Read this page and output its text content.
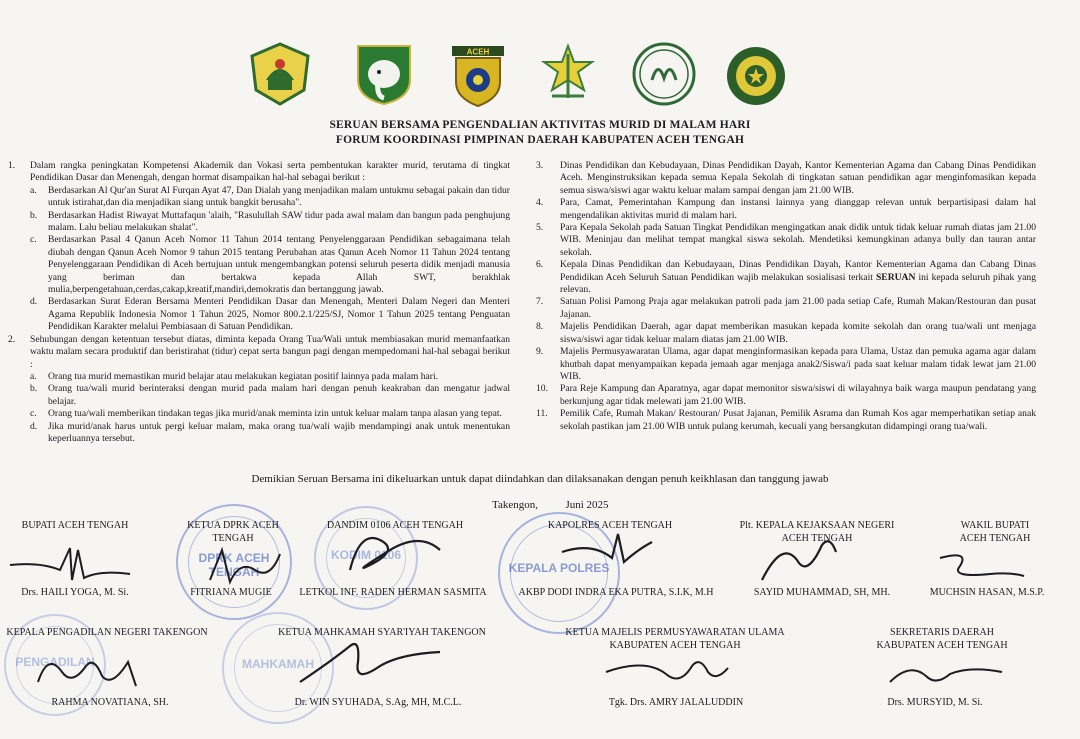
ACEH
SERUAN BERSAMA PENGENDALIAN AKTIVITAS MURID DI MALAM HARI
FORUM KOORDINASI PIMPINAN DAERAH KABUPATEN ACEH TENGAH
1. Dalam rangka peningkatan Kompetensi Akademik dan Vokasi serta pembentukan karakter murid, terutama di tingkat Pendidikan Dasar dan Menengah, dengan hormat disampaikan hal-hal sebagai berikut :
a. Berdasarkan Al Qur'an Surat Al Furqan Ayat 47, Dan Dialah yang menjadikan malam untukmu sebagai pakain dan tidur untuk istirahat,dan dia menjadikan siang untuk bangkit berusaha".
b. Berdasarkan Hadist Riwayat Muttafaqun 'alaih, "Rasulullah SAW tidur pada awal malam dan bangun pada penghujung malam. Lalu beliau melakukan shalat".
c. Berdasarkan Pasal 4 Qanun Aceh Nomor 11 Tahun 2014 tentang Penyelenggaraan Pendidikan sebagaimana telah diubah dengan Qanun Aceh Nomor 9 tahun 2015 tentang Perubahan atas Qanun Aceh Nomor 11 Tahun 2024 tentang Penyelenggaraan Pendidikan di Aceh bertujuan untuk mengembangkan potensi seluruh peserta didik menjadi manusia yang beriman dan bertakwa kepada Allah SWT, berakhlak mulia,berpengetahuan,cerdas,cakap,kreatif,mandiri,demokratis dan bertanggung jawab.
d. Berdasarkan Surat Ederan Bersama Menteri Pendidikan Dasar dan Menengah, Menteri Dalam Negeri dan Menteri Agama Republik Indonesia Nomor 1 Tahun 2025, Nomor 800.2.1/225/SJ, Nomor 1 Tahun 2025 tentang Penguatan Pendidikan Karakter melalui Pembiasaan di Satuan Pendidikan.
2. Sehubungan dengan ketentuan tersebut diatas, diminta kepada Orang Tua/Wali untuk membiasakan murid memanfaatkan waktu malam secara produktif dan beristirahat (tidur) cepat serta bangun pagi dengan mempedomani hal-hal sebagai berikut :
a. Orang tua murid memastikan murid belajar atau melakukan kegiatan positif lainnya pada malam hari.
b. Orang tua/wali murid berinteraksi dengan murid pada malam hari dengan penuh keakraban dan mengatur jadwal belajar.
c. Orang tua/wali memberikan tindakan tegas jika murid/anak meminta izin untuk keluar malam tanpa alasan yang tepat.
d. Jika murid/anak harus untuk pergi keluar malam, maka orang tua/wali wajib mendampingi anak untuk menentukan keperluannya tersebut.
3. Dinas Pendidikan dan Kebudayaan, Dinas Pendidikan Dayah, Kantor Kementerian Agama dan Cabang Dinas Pendidikan Aceh. Menginstruksikan kepada semua Kepala Sekolah di tingkatan satuan pendidikan agar menginfomasikan kepada semua siswa/siswi agar waktu keluar malam sampai dengan jam 21.00 WIB.
4. Para, Camat, Pemerintahan Kampung dan instansi lainnya yang dianggap relevan untuk berpartisipasi dalam hal mengendalikan aktivitas murid di malam hari.
5. Para Kepala Sekolah pada Satuan Tingkat Pendidikan mengingatkan anak didik untuk tidak keluar rumah diatas jam 21.00 WIB. Meninjau dan melihat tempat mangkal siswa sekolah. Mendetiksi kemungkinan adanya bully dan tauran antar sekolah.
6. Kepala Dinas Pendidikan dan Kebudayaan, Dinas Pendidikan Dayah, Kantor Kementerian Agama dan Cabang Dinas Pendidikan Aceh Seluruh Satuan Pendidikan wajib melakukan sosialisasi terkait SERUAN ini kepada seluruh pihak yang relevan.
7. Satuan Polisi Pamong Praja agar melakukan patroli pada jam 21.00 pada setiap Cafe, Rumah Makan/Restouran dan pusat Jajanan.
8. Majelis Pendidikan Daerah, agar dapat memberikan masukan kepada komite sekolah dan orang tua/wali unt menjaga siswa/siswi agar tidak keluar malam diatas jam 21.00 WIB.
9. Majelis Permusyawaratan Ulama, agar dapat menginformasikan kepada para Ulama, Ustaz dan pemuka agama agar dalam khutbah dapat menyampaikan kepada jemaah agar menjaga anak2/Siswa/i pada saat keluar malam tidak lewat jam 21.00 WIB.
10. Para Reje Kampung dan Aparatnya, agar dapat memonitor siswa/siswi di wilayahnya baik warga maupun pendatang yang berkunjung agar tidak melewati jam 21.00 WIB.
11. Pemilik Cafe, Rumah Makan/ Restouran/ Pusat Jajanan, Pemilik Asrama dan Rumah Kos agar memperhatikan setiap anak sekolah pastikan jam 21.00 WIB untuk pulang kerumah, kecuali yang bersangkutan didampingi orang tua/wali.
Demikian Seruan Bersama ini dikeluarkan untuk dapat diindahkan dan dilaksanakan dengan penuh keikhlasan dan tanggung jawab
Takengon,	Juni 2025
DPRK ACEH TENGAH
KODIM 0106
KEPALA POLRES
PENGADILAN	MAHKAMAH
BUPATI ACEH TENGAH
Drs. HAILI YOGA, M. Si.
KETUA DPRK ACEH TENGAH
FITRIANA MUGIE
DANDIM 0106 ACEH TENGAH
LETKOL INF. RADEN HERMAN SASMITA
KAPOLRES ACEH TENGAH
AKBP DODI INDRA EKA PUTRA, S.I.K, M.H
Plt. KEPALA KEJAKSAAN NEGERI
ACEH TENGAH
SAYID MUHAMMAD, SH, MH.
WAKIL BUPATI
ACEH TENGAH
MUCHSIN HASAN, M.S.P.
KEPALA PENGADILAN NEGERI TAKENGON
RAHMA NOVATIANA, SH.
KETUA MAHKAMAH SYAR'IYAH TAKENGON
Dr. WIN SYUHADA, S.Ag, MH, M.C.L.
KETUA MAJELIS PERMUSYAWARATAN ULAMA
KABUPATEN ACEH TENGAH
Tgk. Drs. AMRY JALALUDDIN
SEKRETARIS DAERAH
KABUPATEN ACEH TENGAH
Drs. MURSYID, M. Si.
